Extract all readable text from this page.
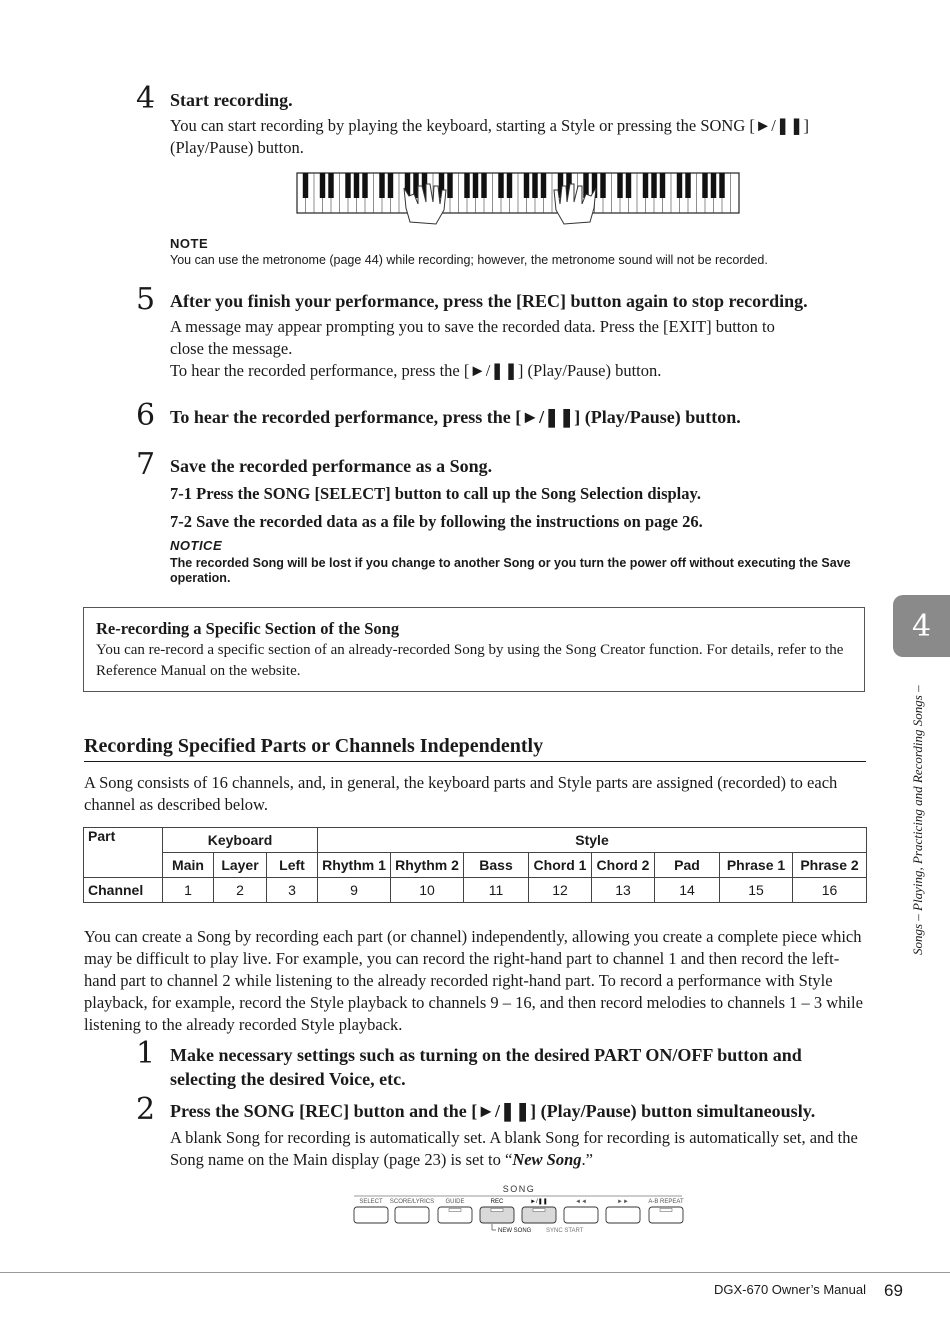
4 Start recording.
You can start recording by playing the keyboard, starting a Style or pressing the SONG [►/❚❚]
(Play/Pause) button.
NOTE
You can use the metronome (page 44) while recording; however, the metronome sound will not be recorded.
5 After you finish your performance, press the [REC] button again to stop recording.
A message may appear prompting you to save the recorded data. Press the [EXIT] button to
close the message.
To hear the recorded performance, press the [►/❚❚] (Play/Pause) button.
6 To hear the recorded performance, press the [►/❚❚] (Play/Pause) button.
7 Save the recorded performance as a Song.
7-1 Press the SONG [SELECT] button to call up the Song Selection display.
7-2 Save the recorded data as a file by following the instructions on page 26.
NOTICE
The recorded Song will be lost if you change to another Song or you turn the power off without executing the Save operation.
Re-recording a Specific Section of the Song
You can re-record a specific section of an already-recorded Song by using the Song Creator function. For details, refer to the Reference Manual on the website.
Recording Specified Parts or Channels Independently
A Song consists of 16 channels, and, in general, the keyboard parts and Style parts are assigned (recorded) to each channel as described below.
Part	Keyboard			Style							
	Main	Layer	Left	Rhythm 1	Rhythm 2	Bass	Chord 1	Chord 2	Pad	Phrase 1	Phrase 2
Channel	1	2	3	9	10	11	12	13	14	15	16
You can create a Song by recording each part (or channel) independently, allowing you create a complete piece which may be difficult to play live. For example, you can record the right-hand part to channel 1 and then record the left-hand part to channel 2 while listening to the already recorded right-hand part. To record a performance with Style playback, for example, record the Style playback to channels 9 – 16, and then record melodies to channels 1 – 3 while listening to the already recorded Style playback.
1 Make necessary settings such as turning on the desired PART ON/OFF button and
selecting the desired Voice, etc.
2 Press the SONG [REC] button and the [►/❚❚] (Play/Pause) button simultaneously.
A blank Song for recording is automatically set. A blank Song for recording is automatically set, and the Song name on the Main display (page 23) is set to “New Song.”
SONG
SELECT SCORE/LYRICS GUIDE	REC	►/❚❚	◄◄	►►	A-B REPEAT
NEW SONG SYNC START
4
Songs – Playing, Practicing and Recording Songs –
DGX-670 Owner’s Manual 69
